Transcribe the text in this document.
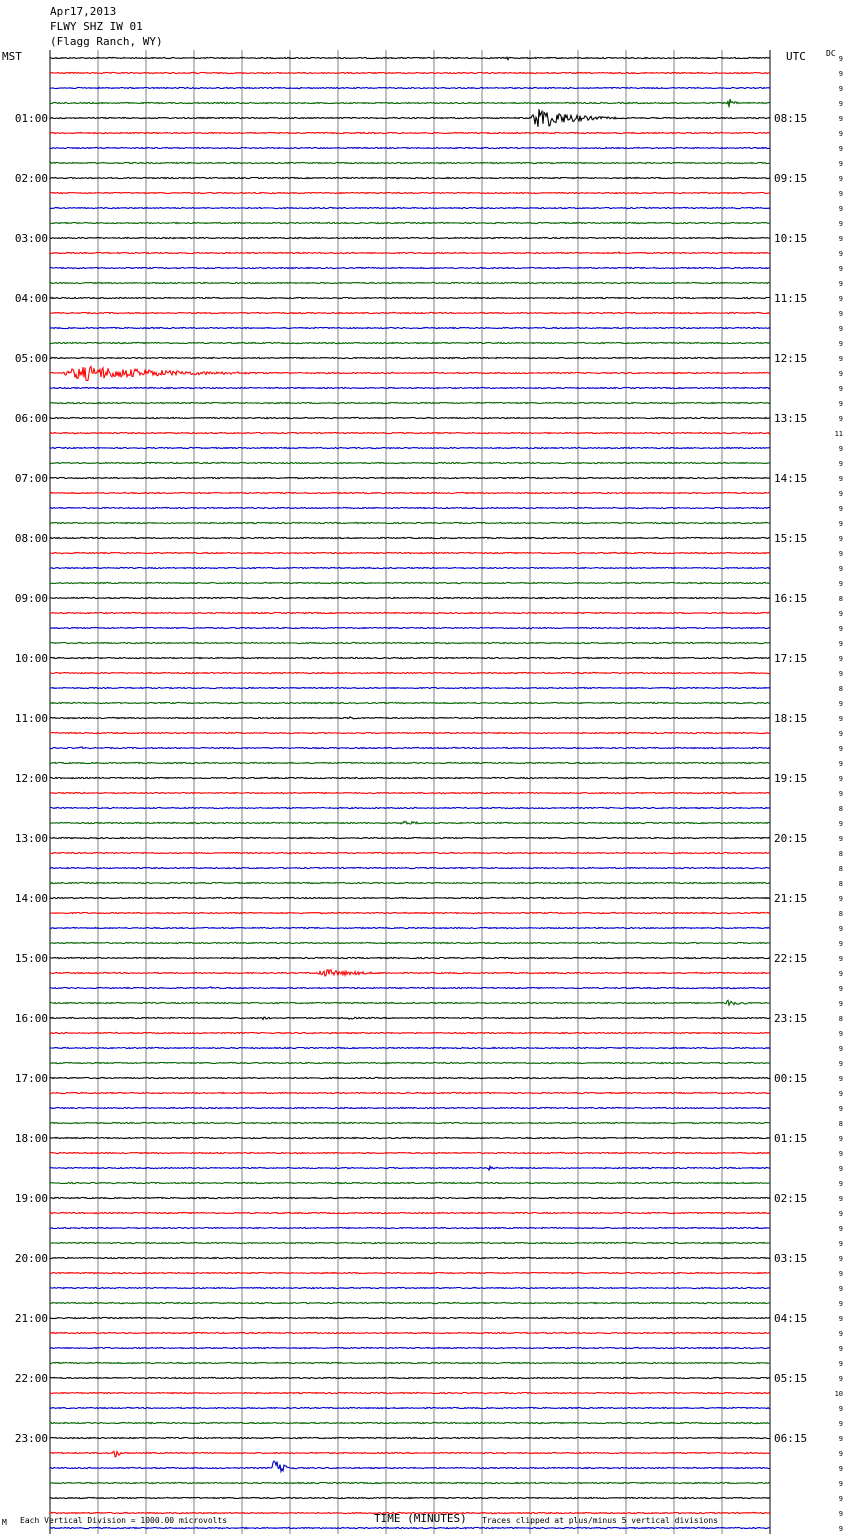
Apr17,2013
FLWY SHZ IW 01
(Flagg Ranch, WY)
MST	UTC	DC
9
9
9
9
9
01:00	08:15
9
9
9
9
02:00	09:15
9
9
9
9
03:00	10:15
9
9
9
9
04:00	11:15
9
9
9
9
05:00	12:15
9
9
9
9
06:00	13:15
11
9
9
9
07:00	14:15
9
9
9
9
08:00	15:15
9
9
9
8
09:00	16:15
9
9
9
9
10:00	17:15
9
8
9
9
11:00	18:15
9
9
9
9
12:00	19:15
9
8
9
9
13:00	20:15
8
8
8
9
14:00	21:15
8
9
9
9
15:00	22:15
9
9
9
8
16:00	23:15
9
9
9
9
17:00	00:15
9
9
8
9
18:00	01:15
9
9
9
9
19:00	02:15
9
9
9
9
20:00	03:15
9
9
9
9
21:00	04:15
9
9
9
9
22:00	05:15
10
9
9
9
23:00	06:15
9
9
9
9
9
9
M Each Vertical Division = 1000.00 microvolts	TIME (MINUTES) Traces clipped at plus/minus 5 vertical divisions
